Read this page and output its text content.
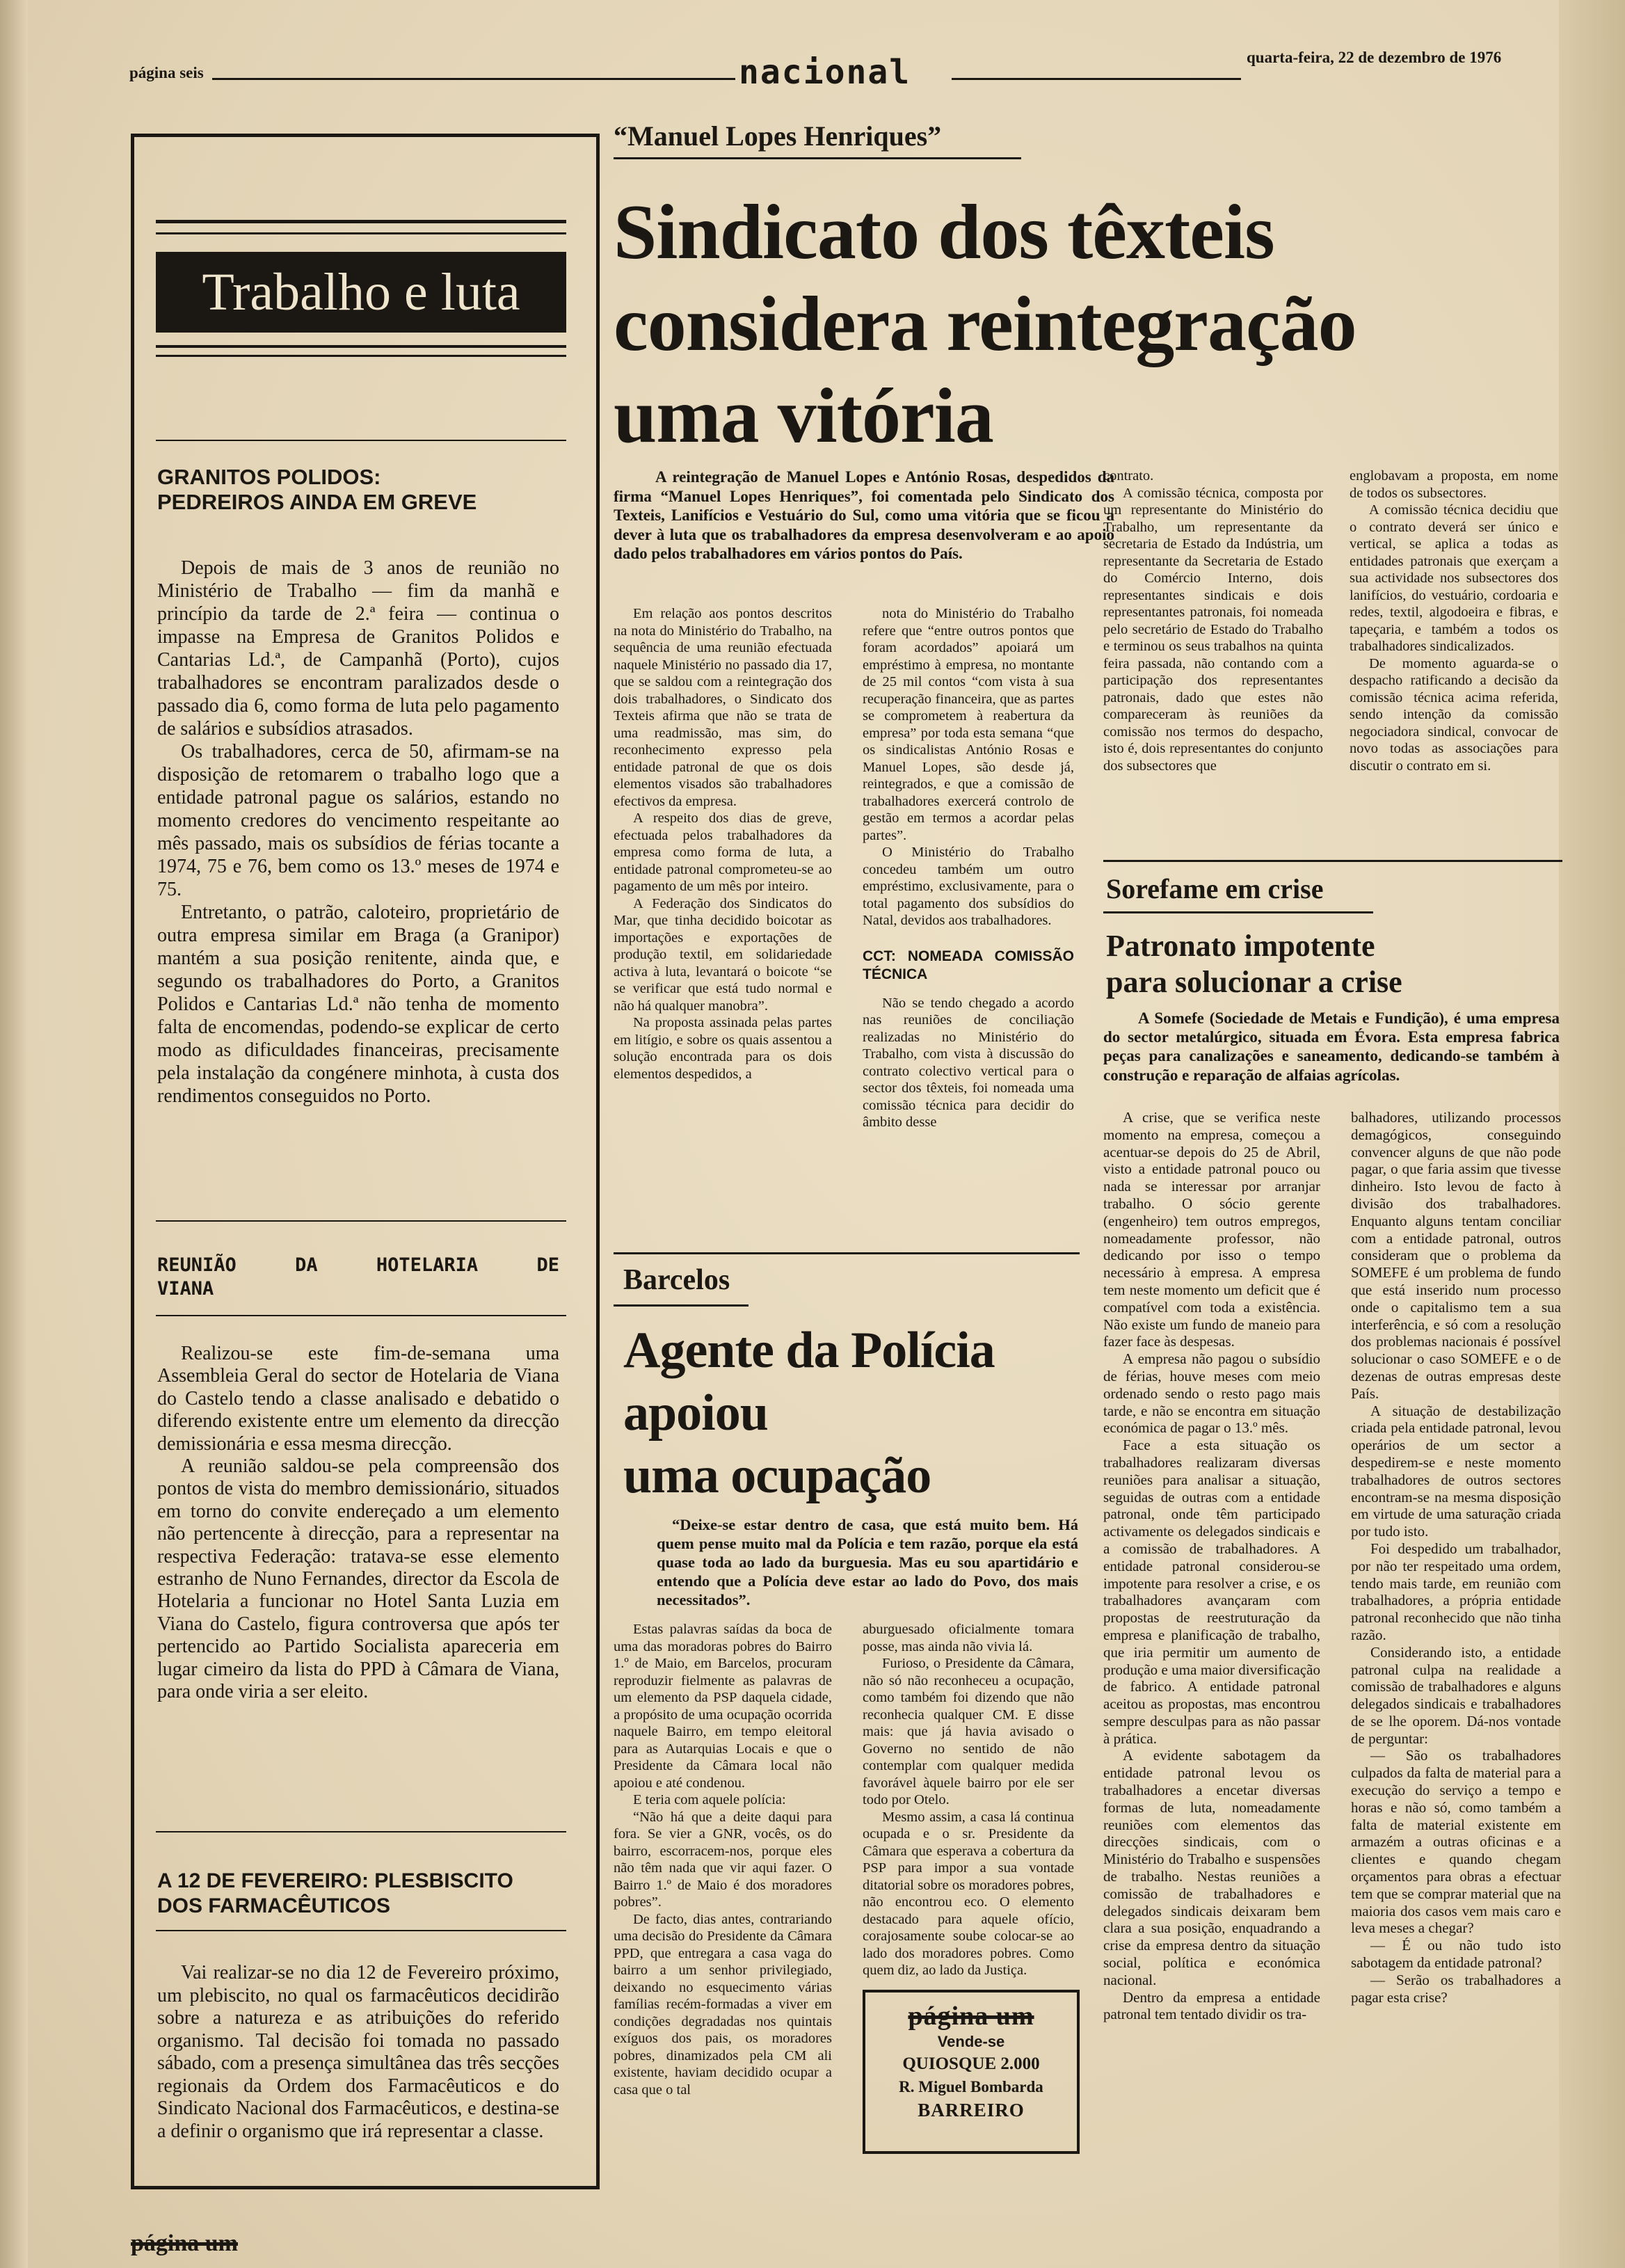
página seis	nacional	quarta-feira, 22 de dezembro de 1976
Trabalho e luta
GRANITOS POLIDOS:
PEDREIROS AINDA EM GREVE

Depois de mais de 3 anos de reunião no Ministério de Trabalho — fim da manhã e princípio da tarde de 2.ª feira — continua o impasse na Empresa de Granitos Polidos e Cantarias Ld.ª, de Campanhã (Porto), cujos trabalhadores se encontram paralizados desde o passado dia 6, como forma de luta pelo pagamento de salários e subsídios atrasados.

Os trabalhadores, cerca de 50, afirmam-se na disposição de retomarem o trabalho logo que a entidade patronal pague os salários, estando no momento credores do vencimento respeitante ao mês passado, mais os subsídios de férias tocante a 1974, 75 e 76, bem como os 13.º meses de 1974 e 75.

Entretanto, o patrão, caloteiro, proprietário de outra empresa similar em Braga (a Granipor) mantém a sua posição renitente, ainda que, e segundo os trabalhadores do Porto, a Granitos Polidos e Cantarias Ld.ª não tenha de momento falta de encomendas, podendo-se explicar de certo modo as dificuldades financeiras, precisamente pela instalação da congénere minhota, à custa dos rendimentos conseguidos no Porto.

REUNIÃO DA HOTELARIA DE
VIANA

Realizou-se este fim-de-semana uma Assembleia Geral do sector de Hotelaria de Viana do Castelo tendo a classe analisado e debatido o diferendo existente entre um elemento da direcção demissionária e essa mesma direcção.

A reunião saldou-se pela compreensão dos pontos de vista do membro demissionário, situados em torno do convite endereçado a um elemento não pertencente à direcção, para a representar na respectiva Federação: tratava-se esse elemento estranho de Nuno Fernandes, director da Escola de Hotelaria a funcionar no Hotel Santa Luzia em Viana do Castelo, figura controversa que após ter pertencido ao Partido Socialista apareceria em lugar cimeiro da lista do PPD à Câmara de Viana, para onde viria a ser eleito.

A 12 DE FEVEREIRO: PLESBISCITO
DOS FARMACÊUTICOS

Vai realizar-se no dia 12 de Fevereiro próximo, um plebiscito, no qual os farmacêuticos decidirão sobre a natureza e as atribuições do referido organismo. Tal decisão foi tomada no passado sábado, com a presença simultânea das três secções regionais da Ordem dos Farmacêuticos e do Sindicato Nacional dos Farmacêuticos, e destina-se a definir o organismo que irá representar a classe.

“Manuel Lopes Henriques”
Sindicato dos têxteis
considera reintegração
uma vitória

A reintegração de Manuel Lopes e António Rosas, despedidos da firma “Manuel Lopes Henriques”, foi comentada pelo Sindicato dos Texteis, Lanifícios e Vestuário do Sul, como uma vitória que se ficou a dever à luta que os trabalhadores da empresa desenvolveram e ao apoio dado pelos trabalhadores em vários pontos do País.

Em relação aos pontos descritos na nota do Ministério do Trabalho, na sequência de uma reunião efectuada naquele Ministério no passado dia 17, que se saldou com a reintegração dos dois trabalhadores, o Sindicato dos Texteis afirma que não se trata de uma readmissão, mas sim, do reconhecimento expresso pela entidade patronal de que os dois elementos visados são trabalhadores efectivos da empresa.

A respeito dos dias de greve, efectuada pelos trabalhadores da empresa como forma de luta, a entidade patronal comprometeu-se ao pagamento de um mês por inteiro.

A Federação dos Sindicatos do Mar, que tinha decidido boicotar as importações e exportações de produção textil, em solidariedade activa à luta, levantará o boicote “se se verificar que está tudo normal e não há qualquer manobra”.

Na proposta assinada pelas partes em litígio, e sobre os quais assentou a solução encontrada para os dois elementos despedidos, a

nota do Ministério do Trabalho refere que “entre outros pontos que foram acordados” apoiará um empréstimo à empresa, no montante de 25 mil contos “com vista à sua recuperação financeira, que as partes se comprometem à reabertura da empresa” por toda esta semana “que os sindicalistas António Rosas e Manuel Lopes, são desde já, reintegrados, e que a comissão de trabalhadores exercerá controlo de gestão em termos a acordar pelas partes”.

O Ministério do Trabalho concedeu também um outro empréstimo, exclusivamente, para o total pagamento dos subsídios do Natal, devidos aos trabalhadores.

CCT: NOMEADA COMISSÃO TÉCNICA

Não se tendo chegado a acordo nas reuniões de conciliação realizadas no Ministério do Trabalho, com vista à discussão do contrato colectivo vertical para o sector dos têxteis, foi nomeada uma comissão técnica para decidir do âmbito desse

contrato.

A comissão técnica, composta por um representante do Ministério do Trabalho, um representante da secretaria de Estado da Indústria, um representante da Secretaria de Estado do Comércio Interno, dois representantes sindicais e dois representantes patronais, foi nomeada pelo secretário de Estado do Trabalho e terminou os seus trabalhos na quinta feira passada, não contando com a participação dos representantes patronais, dado que estes não compareceram às reuniões da comissão nos termos do despacho, isto é, dois representantes do conjunto dos subsectores que

englobavam a proposta, em nome de todos os subsectores.

A comissão técnica decidiu que o contrato deverá ser único e vertical, se aplica a todas as entidades patronais que exerçam a sua actividade nos subsectores dos lanifícios, do vestuário, cordoaria e redes, textil, algodoeira e fibras, e tapeçaria, e também a todos os trabalhadores sindicalizados.

De momento aguarda-se o despacho ratificando a decisão da comissão técnica acima referida, sendo intenção da comissão negociadora sindical, convocar de novo todas as associações para discutir o contrato em si.

Barcelos
Agente da Polícia
apoiou
uma ocupação

“Deixe-se estar dentro de casa, que está muito bem. Há quem pense muito mal da Polícia e tem razão, porque ela está quase toda ao lado da burguesia. Mas eu sou apartidário e entendo que a Polícia deve estar ao lado do Povo, dos mais necessitados”.

Estas palavras saídas da boca de uma das moradoras pobres do Bairro 1.º de Maio, em Barcelos, procuram reproduzir fielmente as palavras de um elemento da PSP daquela cidade, a propósito de uma ocupação ocorrida naquele Bairro, em tempo eleitoral para as Autarquias Locais e que o Presidente da Câmara local não apoiou e até condenou.

E teria com aquele polícia:

“Não há que a deite daqui para fora. Se vier a GNR, vocês, os do bairro, escorracem-nos, porque eles não têm nada que vir aqui fazer. O Bairro 1.º de Maio é dos moradores pobres”.

De facto, dias antes, contrariando uma decisão do Presidente da Câmara PPD, que entregara a casa vaga do bairro a um senhor privilegiado, deixando no esquecimento várias famílias recém-formadas a viver em condições degradadas nos quintais exíguos dos pais, os moradores pobres, dinamizados pela CM ali existente, haviam decidido ocupar a casa que o tal

aburguesado oficialmente tomara posse, mas ainda não vivia lá.

Furioso, o Presidente da Câmara, não só não reconheceu a ocupação, como também foi dizendo que não reconhecia qualquer CM. E disse mais: que já havia avisado o Governo no sentido de não contemplar com qualquer medida favorável àquele bairro por ele ser todo por Otelo.

Mesmo assim, a casa lá continua ocupada e o sr. Presidente da Câmara que esperava a cobertura da PSP para impor a sua vontade ditatorial sobre os moradores pobres, não encontrou eco. O elemento destacado para aquele ofício, corajosamente soube colocar-se ao lado dos moradores pobres. Como quem diz, ao lado da Justiça.

página um
Vende-se
QUIOSQUE 2.000
R. Miguel Bombarda
BARREIRO
Sorefame em crise
Patronato impotente
para solucionar a crise

A Somefe (Sociedade de Metais e Fundição), é uma empresa do sector metalúrgico, situada em Évora. Esta empresa fabrica peças para canalizações e saneamento, dedicando-se também à construção e reparação de alfaias agrícolas.

A crise, que se verifica neste momento na empresa, começou a acentuar-se depois do 25 de Abril, visto a entidade patronal pouco ou nada se interessar por arranjar trabalho. O sócio gerente (engenheiro) tem outros empregos, nomeadamente professor, não dedicando por isso o tempo necessário à empresa. A empresa tem neste momento um deficit que é compatível com toda a existência. Não existe um fundo de maneio para fazer face às despesas.

A empresa não pagou o subsídio de férias, houve meses com meio ordenado sendo o resto pago mais tarde, e não se encontra em situação económica de pagar o 13.º mês.

Face a esta situação os trabalhadores realizaram diversas reuniões para analisar a situação, seguidas de outras com a entidade patronal, onde têm participado activamente os delegados sindicais e a comissão de trabalhadores. A entidade patronal considerou-se impotente para resolver a crise, e os trabalhadores avançaram com propostas de reestruturação da empresa e planificação de trabalho, que iria permitir um aumento de produção e uma maior diversificação de fabrico. A entidade patronal aceitou as propostas, mas encontrou sempre desculpas para as não passar à prática.

A evidente sabotagem da entidade patronal levou os trabalhadores a encetar diversas formas de luta, nomeadamente reuniões com elementos das direcções sindicais, com o Ministério do Trabalho e suspensões de trabalho. Nestas reuniões a comissão de trabalhadores e delegados sindicais deixaram bem clara a sua posição, enquadrando a crise da empresa dentro da situação social, política e económica nacional.

Dentro da empresa a entidade patronal tem tentado dividir os tra-

balhadores, utilizando processos demagógicos, conseguindo convencer alguns de que não pode pagar, o que faria assim que tivesse dinheiro. Isto levou de facto à divisão dos trabalhadores. Enquanto alguns tentam conciliar com a entidade patronal, outros consideram que o problema da SOMEFE é um problema de fundo que está inserido num processo onde o capitalismo tem a sua interferência, e só com a resolução dos problemas nacionais é possível solucionar o caso SOMEFE e o de dezenas de outras empresas deste País.

A situação de destabilização criada pela entidade patronal, levou operários de um sector a despedirem-se e neste momento trabalhadores de outros sectores encontram-se na mesma disposição em virtude de uma saturação criada por tudo isto.

Foi despedido um trabalhador, por não ter respeitado uma ordem, tendo mais tarde, em reunião com trabalhadores, a própria entidade patronal reconhecido que não tinha razão.

Considerando isto, a entidade patronal culpa na realidade a comissão de trabalhadores e alguns delegados sindicais e trabalhadores de se lhe oporem. Dá-nos vontade de perguntar:

— São os trabalhadores culpados da falta de material para a execução do serviço a tempo e horas e não só, como também a falta de material existente em armazém a outras oficinas e a clientes e quando chegam orçamentos para obras a efectuar tem que se comprar material que na maioria dos casos vem mais caro e leva meses a chegar?

— É ou não tudo isto sabotagem da entidade patronal?

— Serão os trabalhadores a pagar esta crise?

página um
